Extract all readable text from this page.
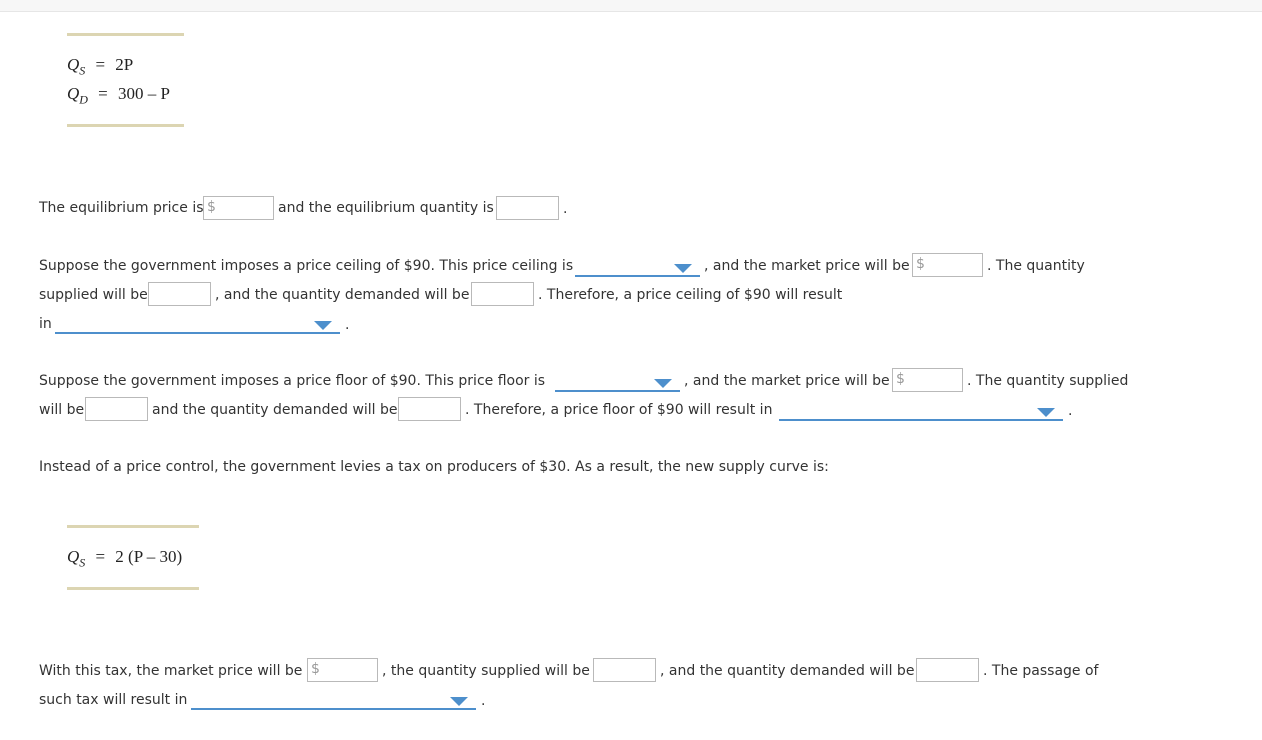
$Q_S = 2P$
$Q_D = 300 - P$
The equilibrium price is $	and the equilibrium quantity is	.
Suppose the government imposes a price ceiling of $90. This price ceiling is	, and the market price will be $	. The quantity
supplied will be	, and the quantity demanded will be	. Therefore, a price ceiling of $90 will result
in	.
Suppose the government imposes a price floor of $90. This price floor is	, and the market price will be $	. The quantity supplied
will be	and the quantity demanded will be	. Therefore, a price floor of $90 will result in	.
Instead of a price control, the government levies a tax on producers of $30. As a result, the new supply curve is:
$Q_S = 2$ (P – 30)
With this tax, the market price will be $	, the quantity supplied will be	, and the quantity demanded will be	. The passage of
such tax will result in	.
